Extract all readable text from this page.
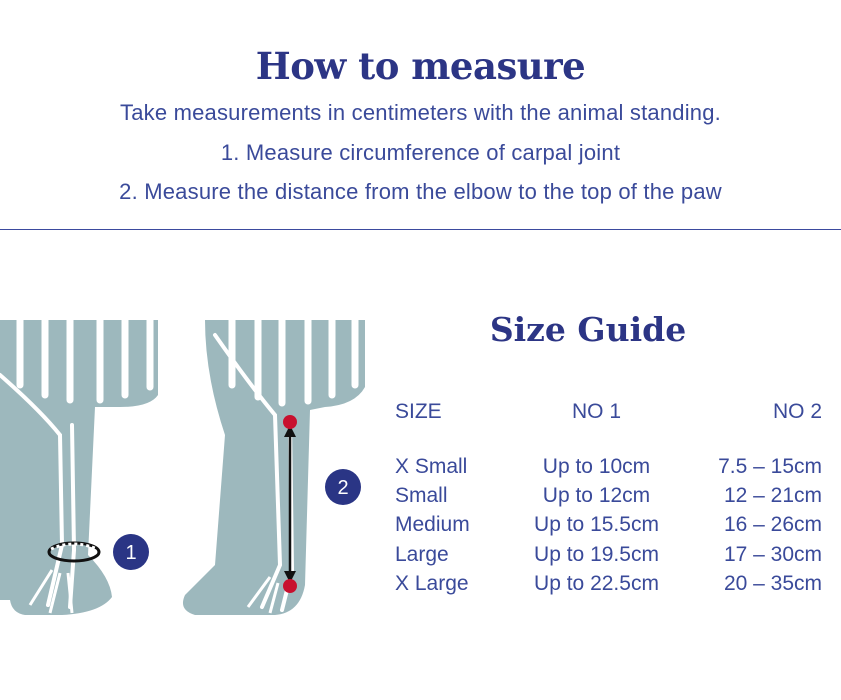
How to measure
Take measurements in centimeters with the animal standing.
1. Measure circumference of carpal joint
2. Measure the distance from the elbow to the top of the paw
1
2
Size Guide
SIZE	NO 1	NO 2
X Small	Up to 10cm	7.5 – 15cm
Small	Up to 12cm	12 – 21cm
Medium	Up to 15.5cm	16 – 26cm
Large	Up to 19.5cm	17 – 30cm
X Large	Up to 22.5cm	20 – 35cm
